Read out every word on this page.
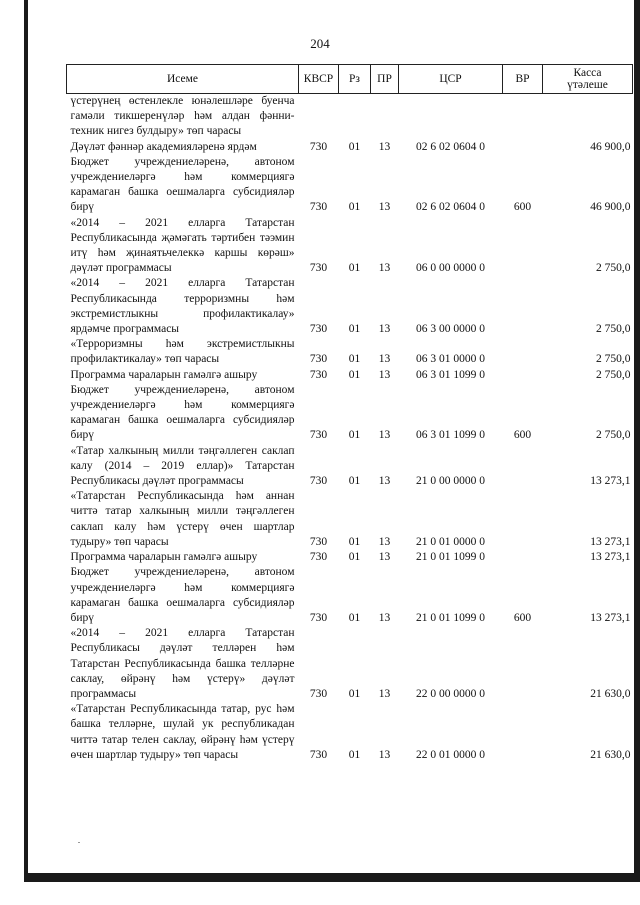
204
Исеме	КВСР	Рз	ПР	ЦСР	ВР	Касса
үтәлеше

үстерүнең өстенлекле юнәлешләре буенча гамәли тикшеренүләр һәм алдан фәнни-техник нигез булдыру» төп чарасы						
Дәүләт фәннәр академияләренә ярдәм	730	01	13	02 6 02 0604 0		46 900,0
Бюджет учреждениеләренә, автоном учреждениеләргә һәм коммерциягә карамаган башка оешмаларга субсидияләр бирү	730	01	13	02 6 02 0604 0	600	46 900,0
«2014 – 2021 елларга Татарстан Республикасында җәмәгать тәртибен тәэмин итү һәм җинаятьчелеккә каршы көрәш» дәүләт программасы	730	01	13	06 0 00 0000 0		2 750,0
«2014 – 2021 елларга Татарстан Республикасында терроризмны һәм экстремистлыкны профилактикалау» ярдәмче программасы	730	01	13	06 3 00 0000 0		2 750,0
«Терроризмны һәм экстремистлыкны профилактикалау» төп чарасы	730	01	13	06 3 01 0000 0		2 750,0
Программа чараларын гамәлгә ашыру	730	01	13	06 3 01 1099 0		2 750,0
Бюджет учреждениеләренә, автоном учреждениеләргә һәм коммерциягә карамаган башка оешмаларга субсидияләр бирү	730	01	13	06 3 01 1099 0	600	2 750,0
«Татар халкының милли тәңгәллеген саклап калу (2014 – 2019 еллар)» Татарстан Республикасы дәүләт программасы	730	01	13	21 0 00 0000 0		13 273,1
«Татарстан Республикасында һәм аннан читтә татар халкының милли тәңгәллеген саклап калу һәм үстерү өчен шартлар тудыру» төп чарасы	730	01	13	21 0 01 0000 0		13 273,1
Программа чараларын гамәлгә ашыру	730	01	13	21 0 01 1099 0		13 273,1
Бюджет учреждениеләренә, автоном учреждениеләргә һәм коммерциягә карамаган башка оешмаларга субсидияләр бирү	730	01	13	21 0 01 1099 0	600	13 273,1
«2014 – 2021 елларга Татарстан Республикасы дәүләт телләрен һәм Татарстан Республикасында башка телләрне саклау, өйрәнү һәм үстерү» дәүләт программасы	730	01	13	22 0 00 0000 0		21 630,0
«Татарстан Республикасында татар, рус һәм башка телләрне, шулай ук республикадан читтә татар телен саклау, өйрәнү һәм үстерү өчен шартлар тудыру» төп чарасы	730	01	13	22 0 01 0000 0		21 630,0
